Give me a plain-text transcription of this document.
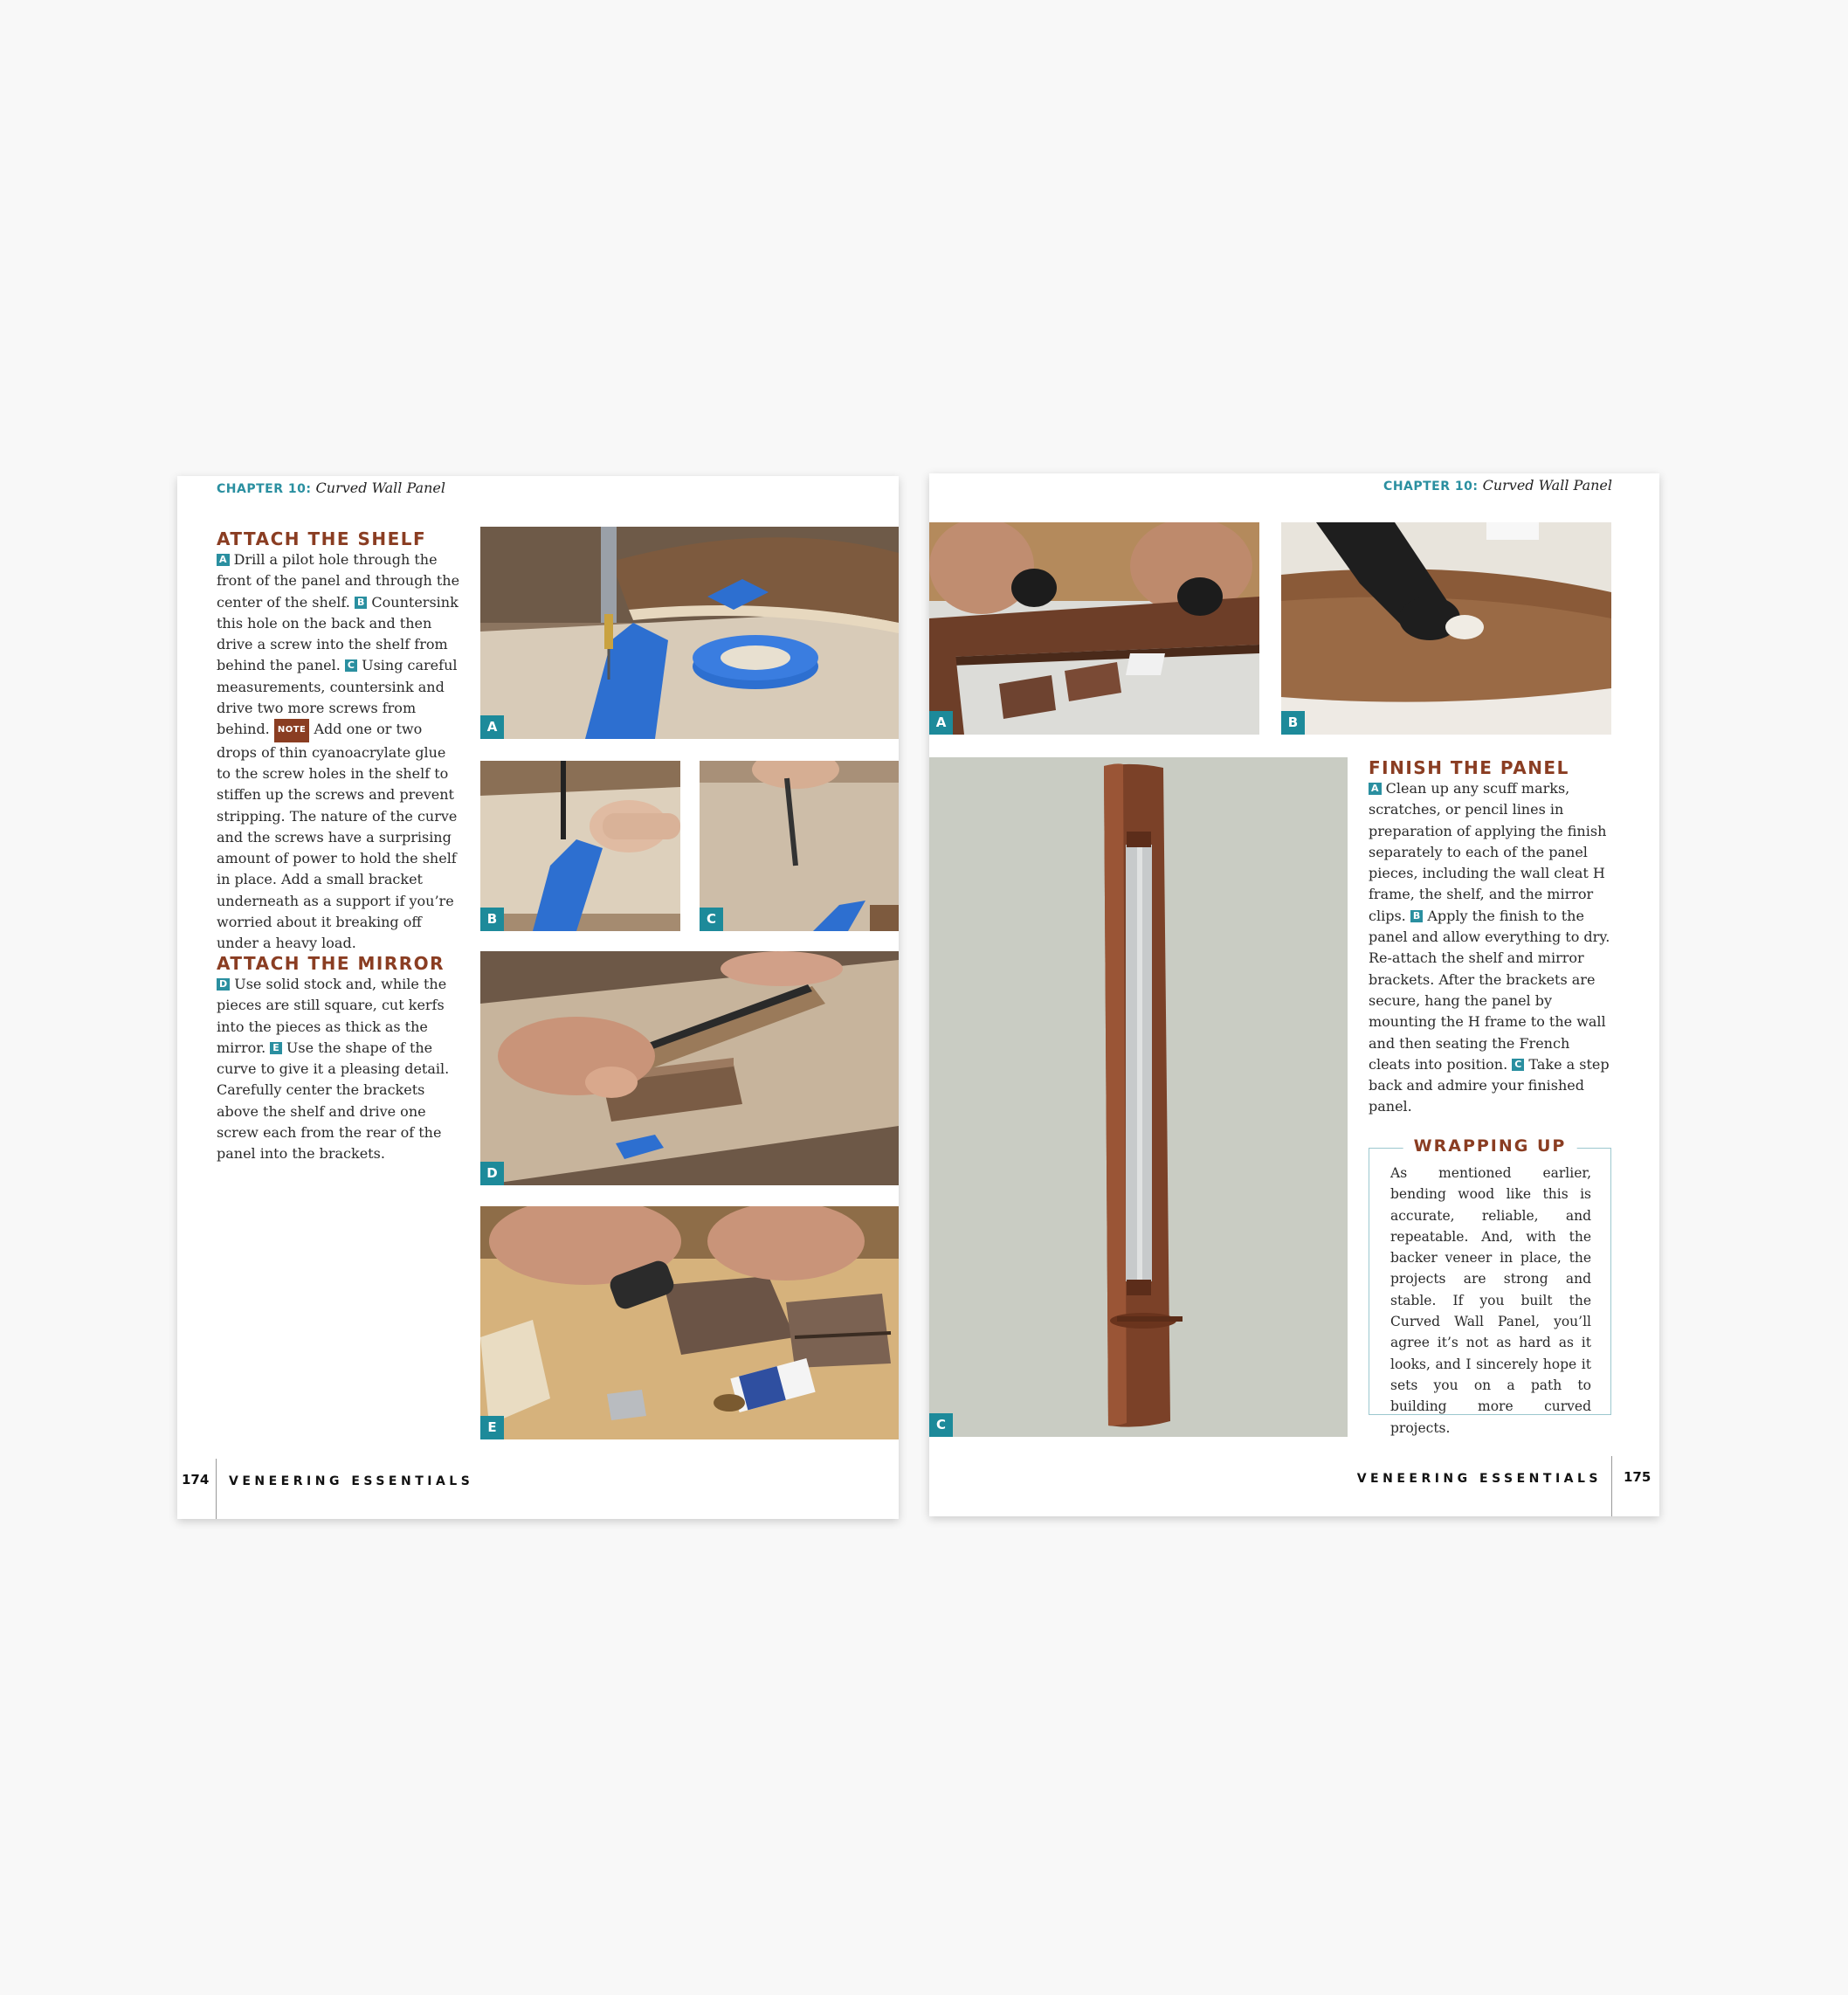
CHAPTER 10: Curved Wall Panel
ATTACH THE SHELF

A Drill a pilot hole through the front of the panel and through the center of the shelf. B Countersink this hole on the back and then drive a screw into the shelf from behind the panel. C Using careful measurements, countersink and drive two more screws from behind. NOTE Add one or two drops of thin cyanoacrylate glue to the screw holes in the shelf to stiffen up the screws and prevent stripping. The nature of the curve and the screws have a surprising amount of power to hold the shelf in place. Add a small bracket underneath as a support if you’re worried about it breaking off under a heavy load.

ATTACH THE MIRROR

D Use solid stock and, while the pieces are still square, cut kerfs into the pieces as thick as the mirror. E Use the shape of the curve to give it a pleasing detail. Carefully center the brackets above the shelf and drive one screw each from the rear of the panel into the brackets.

A
B	C
D
E
174 VENEERING ESSENTIALS
CHAPTER 10: Curved Wall Panel
A	B
C
FINISH THE PANEL

A Clean up any scuff marks, scratches, or pencil lines in preparation of applying the finish separately to each of the panel pieces, including the wall cleat H frame, the shelf, and the mirror clips. B Apply the finish to the panel and allow everything to dry. Re-attach the shelf and mirror brackets. After the brackets are secure, hang the panel by mounting the H frame to the wall and then seating the French cleats into position. C Take a step back and admire your finished panel.

WRAPPING UP

As mentioned earlier, bending wood like this is accurate, reliable, and repeatable. And, with the backer veneer in place, the projects are strong and stable. If you built the Curved Wall Panel, you’ll agree it’s not as hard as it looks, and I sincerely hope it sets you on a path to building more curved projects.

VENEERING ESSENTIALS 175
